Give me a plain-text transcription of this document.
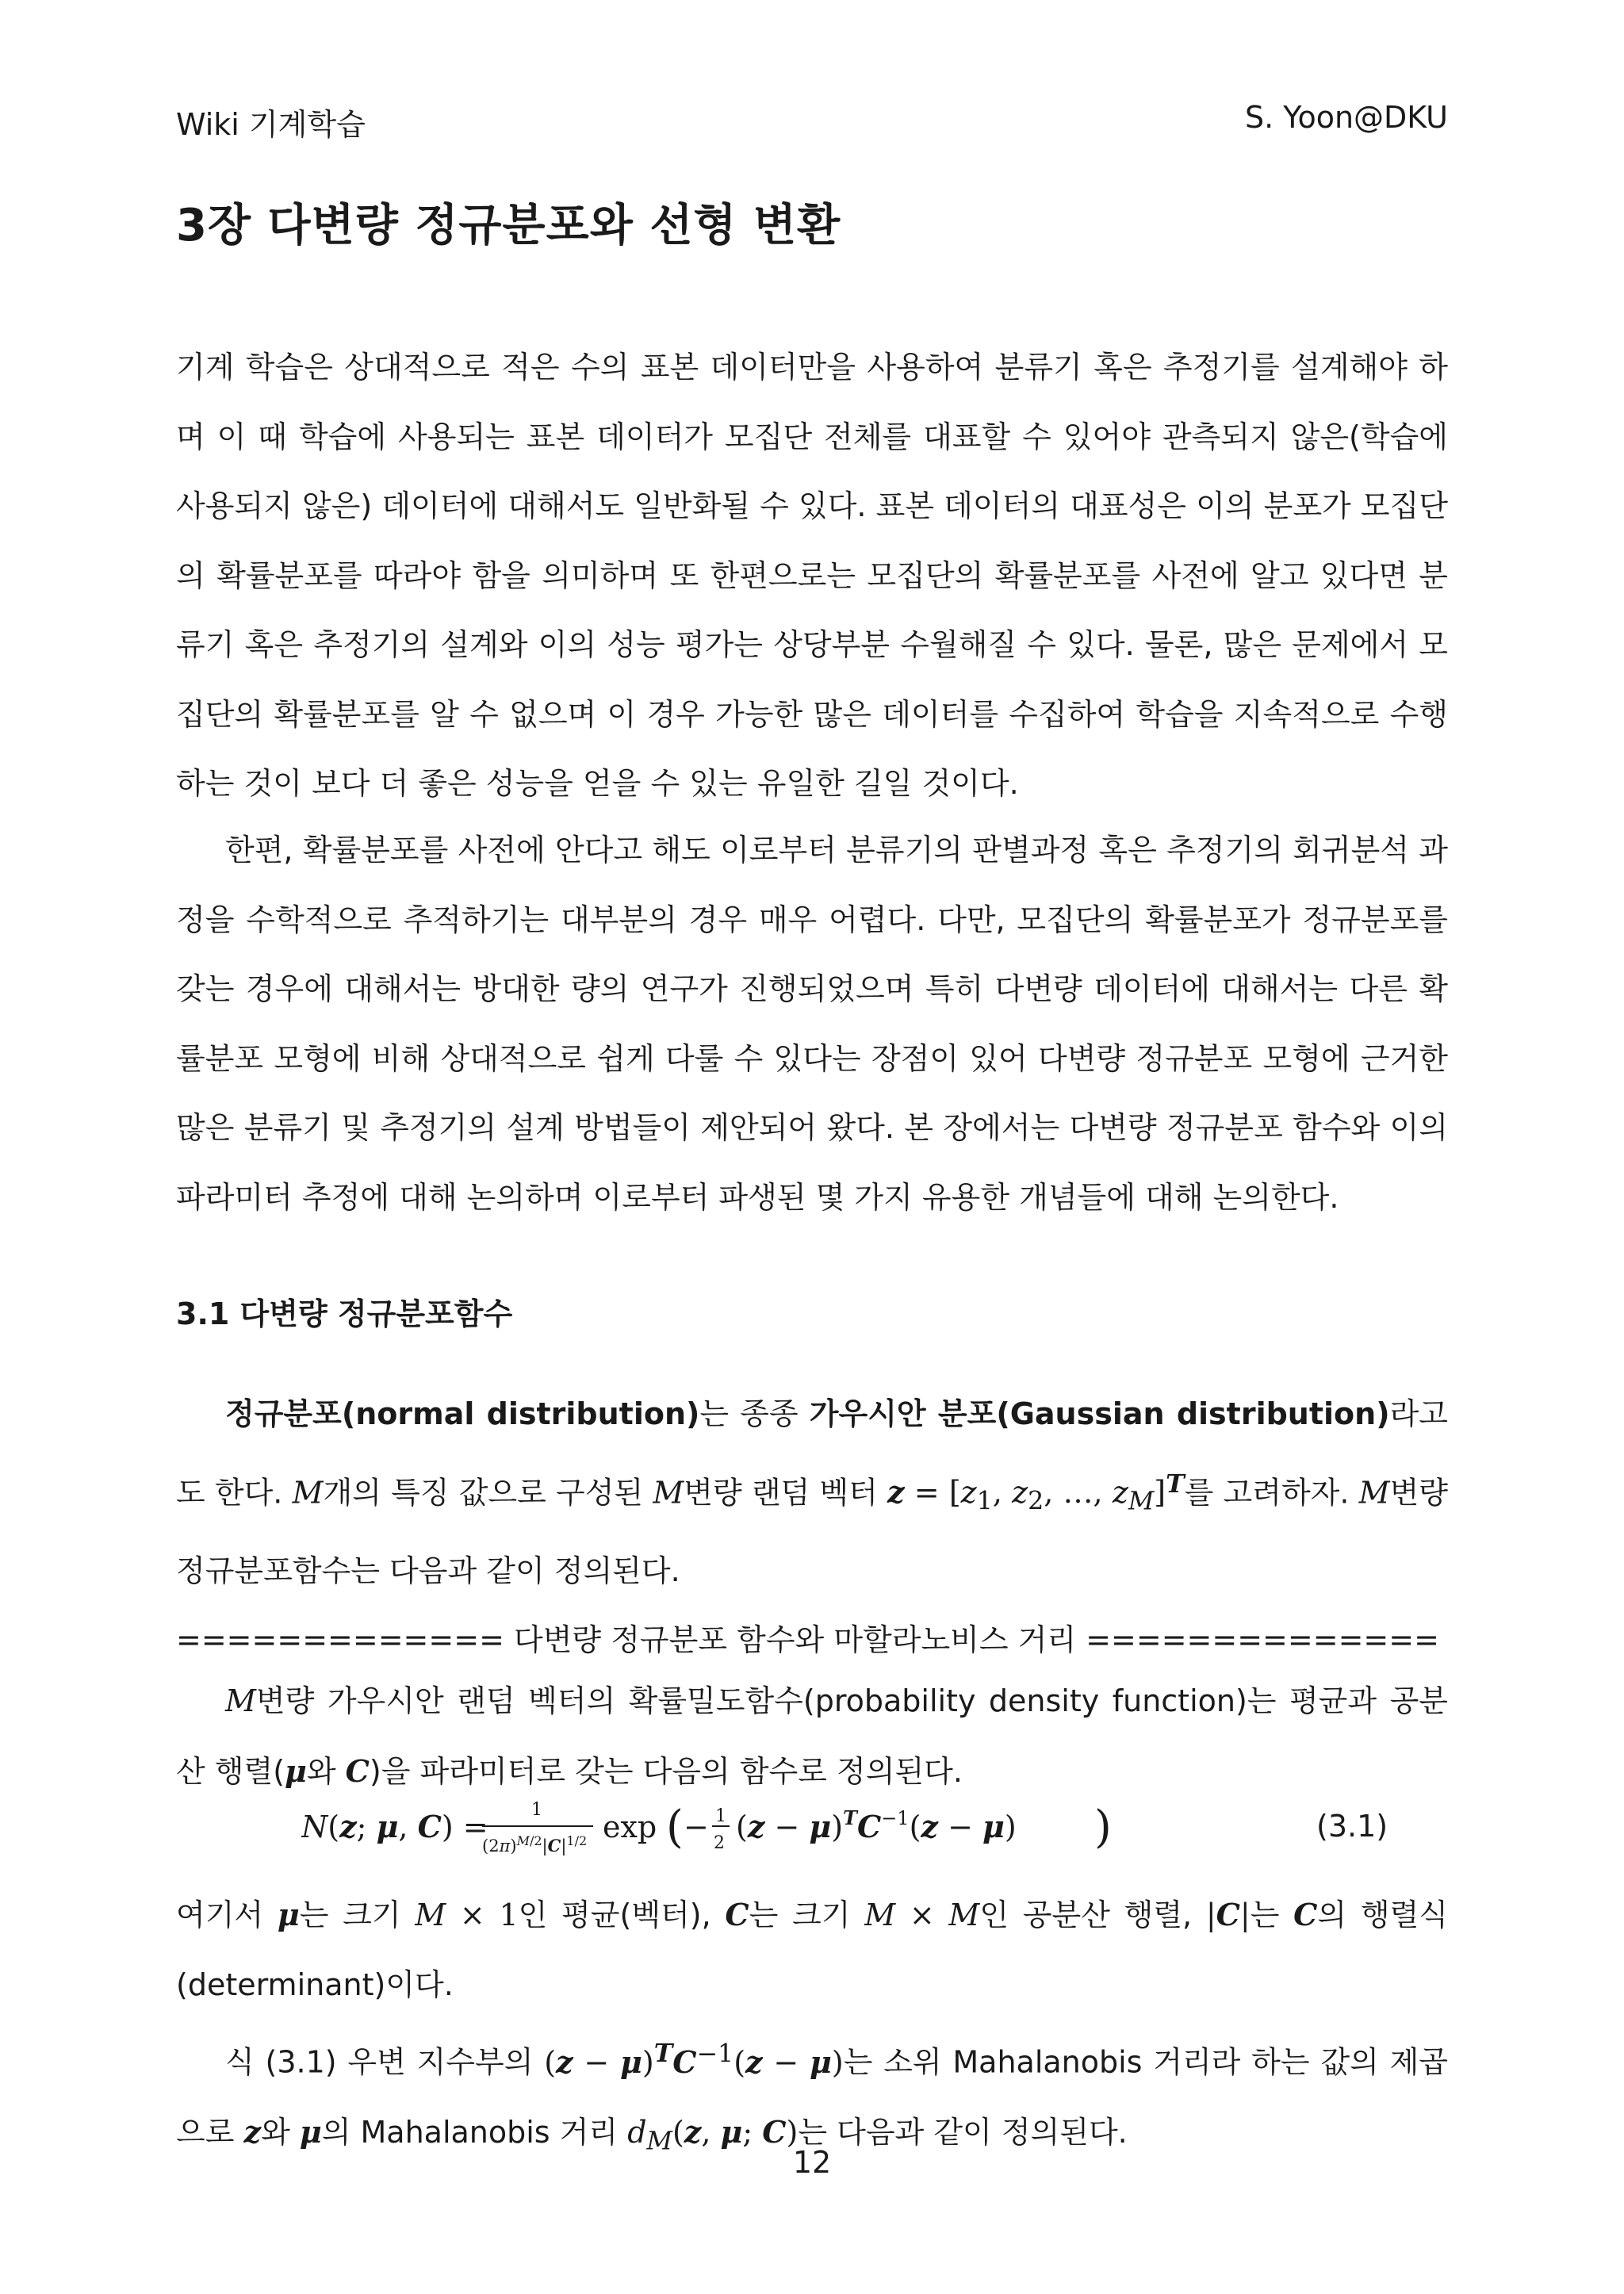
Wiki 기계학습	S. Yoon@DKU
3장 다변량 정규분포와 선형 변환

기계 학습은 상대적으로 적은 수의 표본 데이터만을 사용하여 분류기 혹은 추정기를 설계해야 하며 이 때 학습에 사용되는 표본 데이터가 모집단 전체를 대표할 수 있어야 관측되지 않은(학습에 사용되지 않은) 데이터에 대해서도 일반화될 수 있다. 표본 데이터의 대표성은 이의 분포가 모집단의 확률분포를 따라야 함을 의미하며 또 한편으로는 모집단의 확률분포를 사전에 알고 있다면 분류기 혹은 추정기의 설계와 이의 성능 평가는 상당부분 수월해질 수 있다. 물론, 많은 문제에서 모집단의 확률분포를 알 수 없으며 이 경우 가능한 많은 데이터를 수집하여 학습을 지속적으로 수행하는 것이 보다 더 좋은 성능을 얻을 수 있는 유일한 길일 것이다.

한편, 확률분포를 사전에 안다고 해도 이로부터 분류기의 판별과정 혹은 추정기의 회귀분석 과정을 수학적으로 추적하기는 대부분의 경우 매우 어렵다. 다만, 모집단의 확률분포가 정규분포를 갖는 경우에 대해서는 방대한 량의 연구가 진행되었으며 특히 다변량 데이터에 대해서는 다른 확률분포 모형에 비해 상대적으로 쉽게 다룰 수 있다는 장점이 있어 다변량 정규분포 모형에 근거한 많은 분류기 및 추정기의 설계 방법들이 제안되어 왔다. 본 장에서는 다변량 정규분포 함수와 이의 파라미터 추정에 대해 논의하며 이로부터 파생된 몇 가지 유용한 개념들에 대해 논의한다.

3.1 다변량 정규분포함수

정규분포(normal distribution)는 종종 가우시안 분포(Gaussian distribution)라고도 한다. M개의 특징 값으로 구성된 M변량 랜덤 벡터 $z = [z_1$, $z_2$, …, $z_M]^T$를 고려하자. M변량 정규분포함수는 다음과 같이 정의된다.

============= 다변량 정규분포 함수와 마할라노비스 거리 ==============

M변량 가우시안 랜덤 벡터의 확률밀도함수(probability density function)는 평균과 공분산 행렬(μ와 C)을 파라미터로 갖는 다음의 함수로 정의된다.

N(z; μ, C) = 1
$(2\pi)^M/2|C|^{1/2}$ exp ( − 1
2 $(z - \mu)^TC^{-1}(z - \mu)$ )	(3.1)

여기서 μ는 크기 M × 1인 평균(벡터), C는 크기 M × M인 공분산 행렬, |C|는 C의 행렬식(determinant)이다.

식 (3.1) 우변 지수부의 $(z - \mu)^TC^{-1}(z - \mu)$는 소위 Mahalanobis 거리라 하는 값의 제곱으로 z와 μ의 Mahalanobis 거리 $d_M(z$, μ; C)는 다음과 같이 정의된다.

12
